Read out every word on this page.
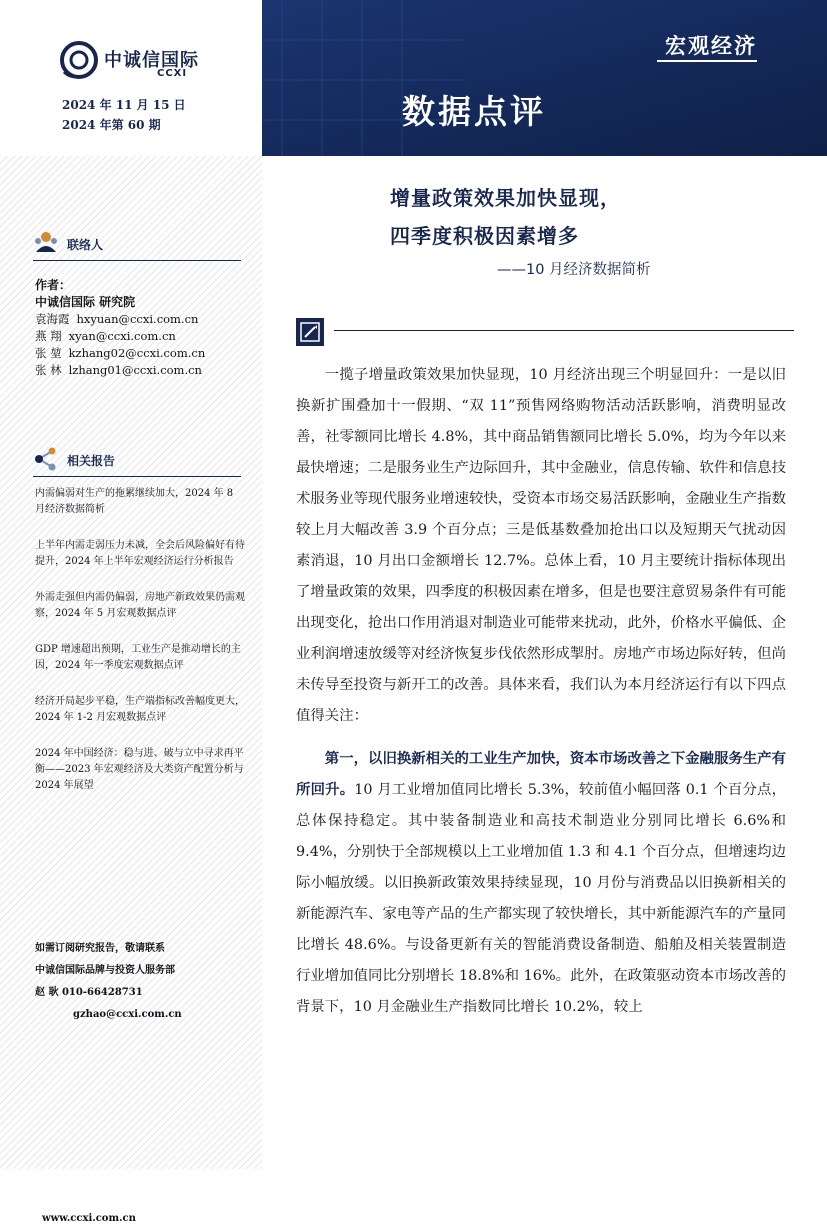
中诚信国际
CCXI
2024 年 11 月 15 日
2024 年第 60 期
宏观经济
数据点评
联络人
作者：
中诚信国际 研究院
袁海霞 hxyuan@ccxi.com.cn
燕 翔 xyan@ccxi.com.cn
张 堃 kzhang02@ccxi.com.cn
张 林 lzhang01@ccxi.com.cn
相关报告
内需偏弱对生产的拖累继续加大，2024 年 8 月经济数据简析
上半年内需走弱压力未减，全会后风险偏好有待提升，2024 年上半年宏观经济运行分析报告
外需走强但内需仍偏弱，房地产新政效果仍需观察，2024 年 5 月宏观数据点评
GDP 增速超出预期，工业生产是推动增长的主因，2024 年一季度宏观数据点评
经济开局起步平稳，生产端指标改善幅度更大，2024 年 1-2 月宏观数据点评
2024 年中国经济：稳与进、破与立中寻求再平衡——2023 年宏观经济及大类资产配置分析与 2024 年展望
如需订阅研究报告，敬请联系
中诚信国际品牌与投资人服务部
赵 耿 010-66428731
gzhao@ccxi.com.cn
www.ccxi.com.cn
增量政策效果加快显现，
四季度积极因素增多
——10 月经济数据简析

一揽子增量政策效果加快显现，10 月经济出现三个明显回升：一是以旧换新扩围叠加十一假期、“双 11”预售网络购物活动活跃影响，消费明显改善，社零额同比增长 4.8%，其中商品销售额同比增长 5.0%，均为今年以来最快增速；二是服务业生产边际回升，其中金融业，信息传输、软件和信息技术服务业等现代服务业增速较快，受资本市场交易活跃影响，金融业生产指数较上月大幅改善 3.9 个百分点；三是低基数叠加抢出口以及短期天气扰动因素消退，10 月出口金额增长 12.7%。总体上看，10 月主要统计指标体现出了增量政策的效果，四季度的积极因素在增多，但是也要注意贸易条件有可能出现变化，抢出口作用消退对制造业可能带来扰动，此外，价格水平偏低、企业利润增速放缓等对经济恢复步伐依然形成掣肘。房地产市场边际好转，但尚未传导至投资与新开工的改善。具体来看，我们认为本月经济运行有以下四点值得关注：

第一，以旧换新相关的工业生产加快，资本市场改善之下金融服务生产有所回升。10 月工业增加值同比增长 5.3%，较前值小幅回落 0.1 个百分点，总体保持稳定。其中装备制造业和高技术制造业分别同比增长 6.6%和 9.4%，分别快于全部规模以上工业增加值 1.3 和 4.1 个百分点，但增速均边际小幅放缓。以旧换新政策效果持续显现，10 月份与消费品以旧换新相关的新能源汽车、家电等产品的生产都实现了较快增长，其中新能源汽车的产量同比增长 48.6%。与设备更新有关的智能消费设备制造、船舶及相关装置制造行业增加值同比分别增长 18.8%和 16%。此外，在政策驱动资本市场改善的背景下，10 月金融业生产指数同比增长 10.2%，较上
